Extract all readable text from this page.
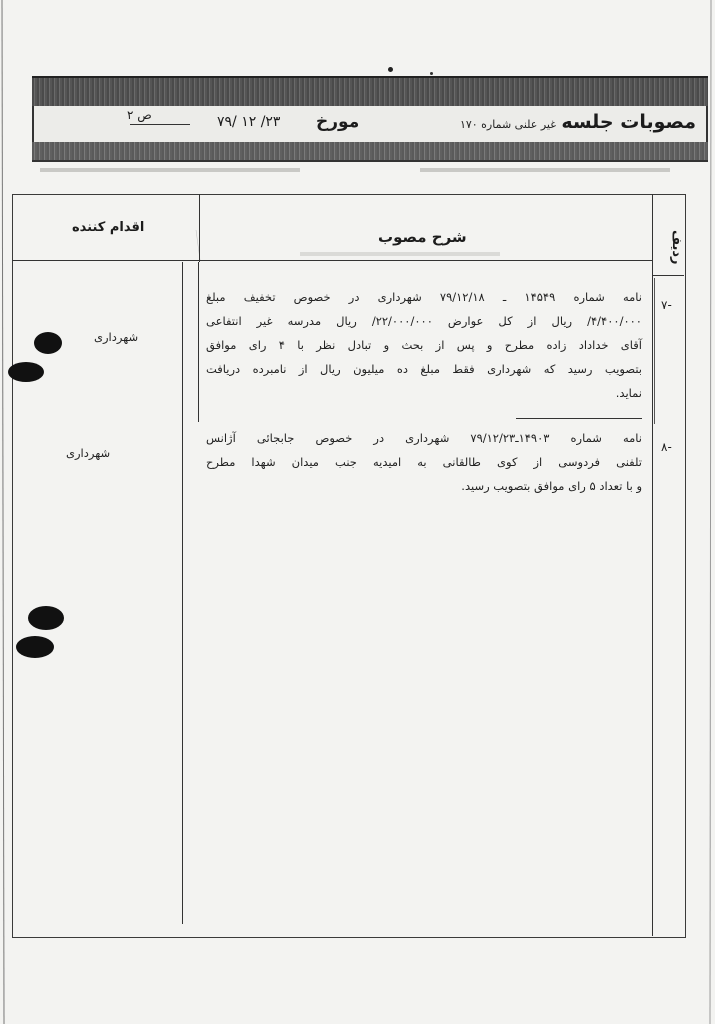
مصوبات جلسه
غیر علنی شماره ۱۷۰
مورخ
۷۹/ ۱۲ /۲۳
ص ۲
اقدام کننده
شرح مصوب	ردیف
-۷
نامه شماره ۱۴۵۴۹ ـ ۷۹/۱۲/۱۸ شهرداری در خصوص تخفیف مبلغ
۴/۴۰۰/۰۰۰/ ریال از کل عوارض ۲۲/۰۰۰/۰۰۰/ ریال مدرسه غیر انتفاعی
آقای خداداد زاده مطرح و پس از بحث و تبادل نظر با ۴ رای موافق
بتصویب رسید که شهرداری فقط مبلغ ده میلیون ریال از نامبرده دریافت
نماید.
شهرداری
-۸
نامه شماره ۱۴۹۰۳ـ۷۹/۱۲/۲۳ شهرداری در خصوص جابجائی آژانس
تلفنی فردوسی از کوی طالقانی به امیدیه جنب میدان شهدا مطرح
و با تعداد ۵ رای موافق بتصویب رسید.
شهرداری
